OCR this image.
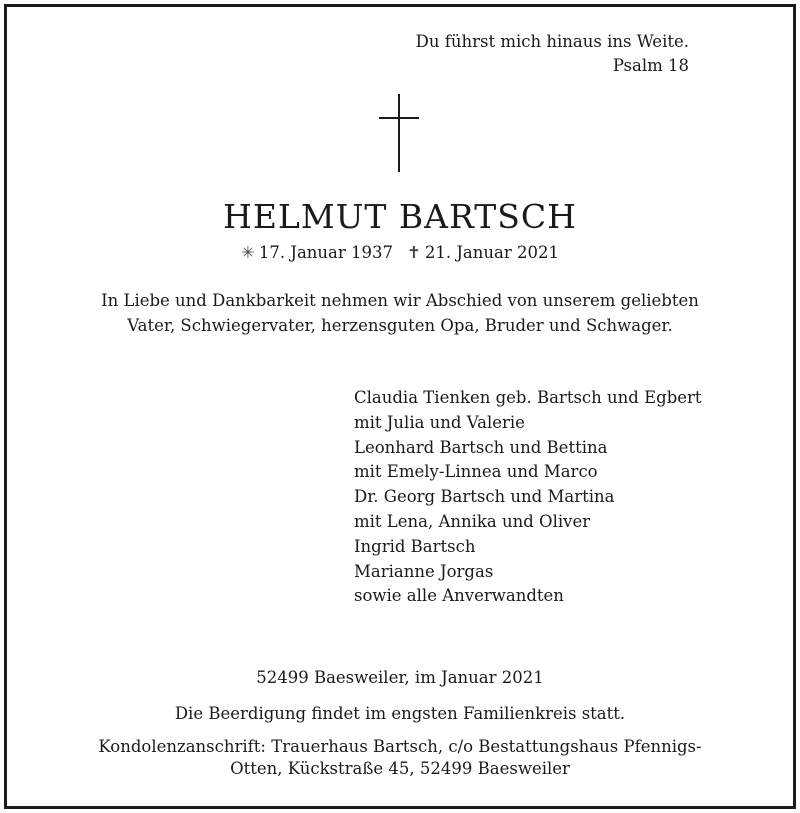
Du führst mich hinaus ins Weite.
Psalm 18
HELMUT BARTSCH
✳ 17. Januar 1937 ✝ 21. Januar 2021
In Liebe und Dankbarkeit nehmen wir Abschied von unserem geliebten
Vater, Schwiegervater, herzensguten Opa, Bruder und Schwager.
Claudia Tienken geb. Bartsch und Egbert
mit Julia und Valerie
Leonhard Bartsch und Bettina
mit Emely-Linnea und Marco
Dr. Georg Bartsch und Martina
mit Lena, Annika und Oliver
Ingrid Bartsch
Marianne Jorgas
sowie alle Anverwandten
52499 Baesweiler, im Januar 2021
Die Beerdigung findet im engsten Familienkreis statt.
Kondolenzanschrift: Trauerhaus Bartsch, c/o Bestattungshaus Pfennigs-
Otten, Kückstraße 45, 52499 Baesweiler
